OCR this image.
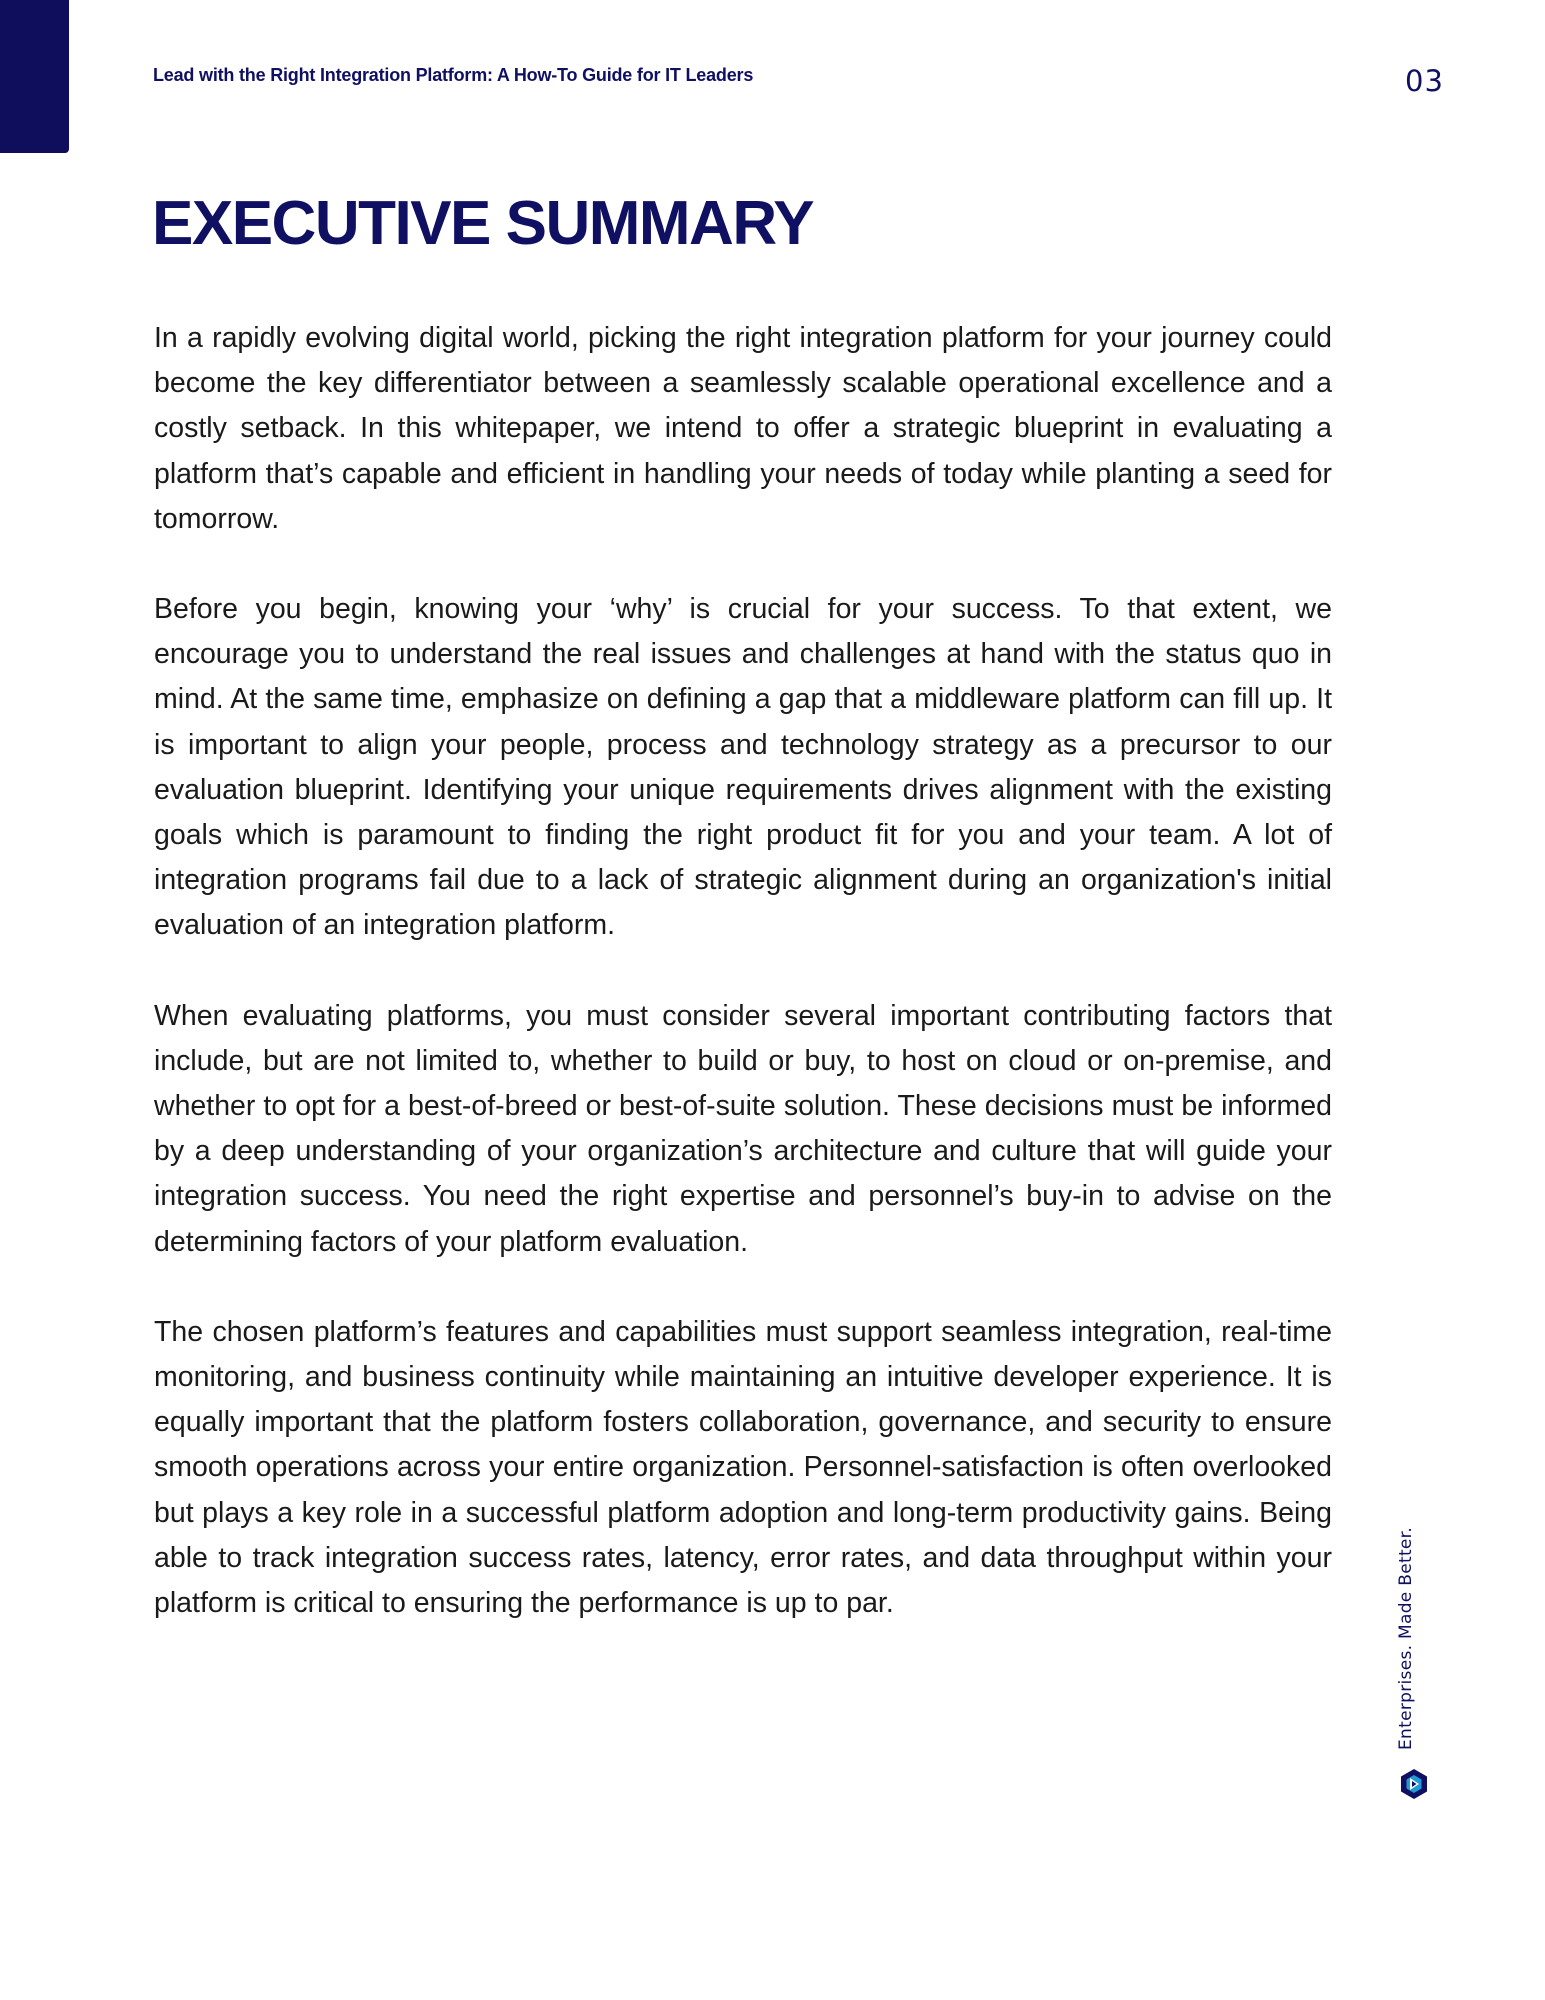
Lead with the Right Integration Platform: A How-To Guide for IT Leaders	03
EXECUTIVE SUMMARY

In a rapidly evolving digital world, picking the right integration platform for your journey could become the key differentiator between a seamlessly scalable operational excellence and a costly setback. In this whitepaper, we intend to offer a strategic blueprint in evaluating a platform that’s capable and efficient in handling your needs of today while planting a seed for tomorrow.

Before you begin, knowing your ‘why’ is crucial for your success. To that extent, we encourage you to understand the real issues and challenges at hand with the status quo in mind. At the same time, emphasize on defining a gap that a middleware platform can fill up. It is important to align your people, process and technology strategy as a precursor to our evaluation blueprint. Identifying your unique requirements drives alignment with the existing goals which is paramount to finding the right product fit for you and your team. A lot of integration programs fail due to a lack of strategic alignment during an organization's initial evaluation of an integration platform.

When evaluating platforms, you must consider several important contributing factors that include, but are not limited to, whether to build or buy, to host on cloud or on-premise, and whether to opt for a best-of-breed or best-of-suite solution. These decisions must be informed by a deep understanding of your organization’s architecture and culture that will guide your integration success. You need the right expertise and personnel’s buy-in to advise on the determining factors of your platform evaluation.

The chosen platform’s features and capabilities must support seamless integration, real-time monitoring, and business continuity while maintaining an intuitive developer experience. It is equally important that the platform fosters collaboration, governance, and security to ensure smooth operations across your entire organization. Personnel-satisfaction is often overlooked but plays a key role in a successful platform adoption and long-term productivity gains. Being able to track integration success rates, latency, error rates, and data throughput within your platform is critical to ensuring the performance is up to par.	Enterprises. Made Better.
